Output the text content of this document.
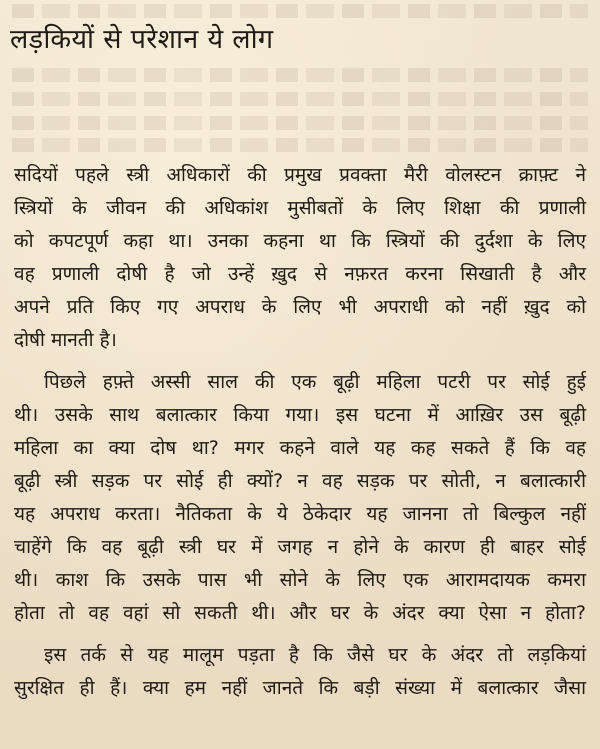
लड़कियों से परेशान ये लोग
सदियों पहले स्त्री अधिकारों की प्रमुख प्रवक्ता मैरी वोलस्टन क्राफ़्ट ने
स्त्रियों के जीवन की अधिकांश मुसीबतों के लिए शिक्षा की प्रणाली
को कपटपूर्ण कहा था। उनका कहना था कि स्त्रियों की दुर्दशा के लिए
वह प्रणाली दोषी है जो उन्हें ख़ुद से नफ़रत करना सिखाती है और
अपने प्रति किए गए अपराध के लिए भी अपराधी को नहीं ख़ुद को
दोषी मानती है।
पिछले हफ़्ते अस्सी साल की एक बूढ़ी महिला पटरी पर सोई हुई
थी। उसके साथ बलात्कार किया गया। इस घटना में आख़िर उस बूढ़ी
महिला का क्या दोष था? मगर कहने वाले यह कह सकते हैं कि वह
बूढ़ी स्त्री सड़क पर सोई ही क्यों? न वह सड़क पर सोती, न बलात्कारी
यह अपराध करता। नैतिकता के ये ठेकेदार यह जानना तो बिल्कुल नहीं
चाहेंगे कि वह बूढ़ी स्त्री घर में जगह न होने के कारण ही बाहर सोई
थी। काश कि उसके पास भी सोने के लिए एक आरामदायक कमरा
होता तो वह वहां सो सकती थी। और घर के अंदर क्या ऐसा न होता?
इस तर्क से यह मालूम पड़ता है कि जैसे घर के अंदर तो लड़कियां
सुरक्षित ही हैं। क्या हम नहीं जानते कि बड़ी संख्या में बलात्कार जैसा
